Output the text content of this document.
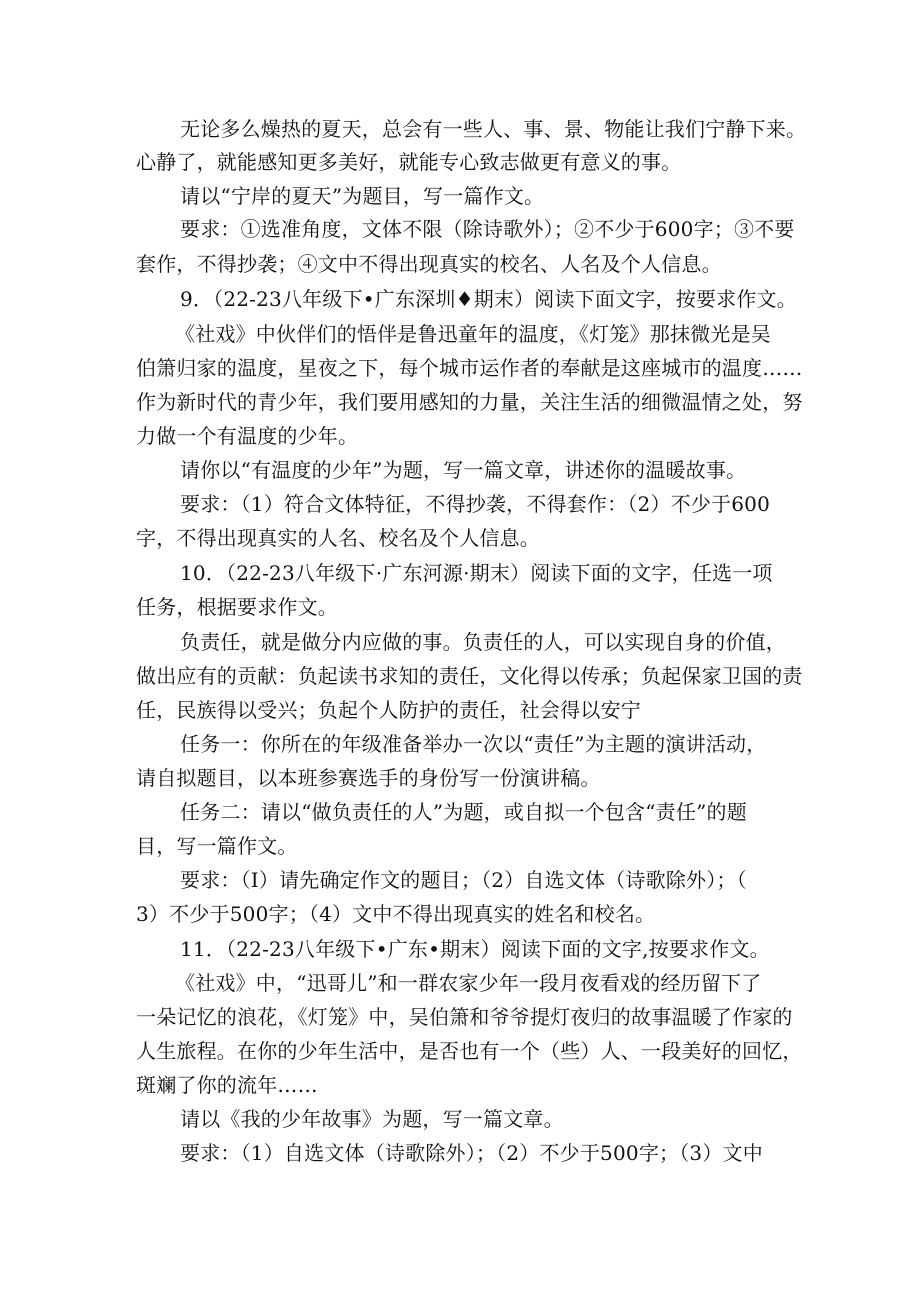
无论多么燥热的夏天，总会有一些人、事、景、物能让我们宁静下来。
心静了，就能感知更多美好，就能专心致志做更有意义的事。
请以“宁岸的夏天”为题目，写一篇作文。
要求：①选准角度，文体不限（除诗歌外）；②不少于600字；③不要
套作，不得抄袭；④文中不得出现真实的校名、人名及个人信息。
9．（22-23八年级下•广东深圳♦期末）阅读下面文字，按要求作文。
《社戏》中伙伴们的悟伴是鲁迅童年的温度，《灯笼》那抹微光是吴
伯箫归家的温度，星夜之下，每个城市运作者的奉献是这座城市的温度……
作为新时代的青少年，我们要用感知的力量，关注生活的细微温情之处，努
力做一个有温度的少年。
请你以“有温度的少年”为题，写一篇文章，讲述你的温暖故事。
要求：（1）符合文体特征，不得抄袭，不得套作：（2）不少于600
字，不得出现真实的人名、校名及个人信息。
10．（22-23八年级下·广东河源·期末）阅读下面的文字，任选一项
任务，根据要求作文。
负责任，就是做分内应做的事。负责任的人，可以实现自身的价值，
做出应有的贡献：负起读书求知的责任，文化得以传承；负起保家卫国的责
任，民族得以受兴；负起个人防护的责任，社会得以安宁
任务一：你所在的年级准备举办一次以“责任”为主题的演讲活动，
请自拟题目，以本班参赛选手的身份写一份演讲稿。
任务二：请以“做负责任的人”为题，或自拟一个包含“责任”的题
目，写一篇作文。
要求：（I）请先确定作文的题目；（2）自选文体（诗歌除外）；（
3）不少于500字；（4）文中不得出现真实的姓名和校名。
11．（22-23八年级下•广东•期末）阅读下面的文字,按要求作文。
《社戏》中，“迅哥儿”和一群农家少年一段月夜看戏的经历留下了
一朵记忆的浪花，《灯笼》中，吴伯箫和爷爷提灯夜归的故事温暖了作家的
人生旅程。在你的少年生活中，是否也有一个（些）人、一段美好的回忆，
斑斓了你的流年……
请以《我的少年故事》为题，写一篇文章。
要求：（1）自选文体（诗歌除外）；（2）不少于500字；（3）文中
